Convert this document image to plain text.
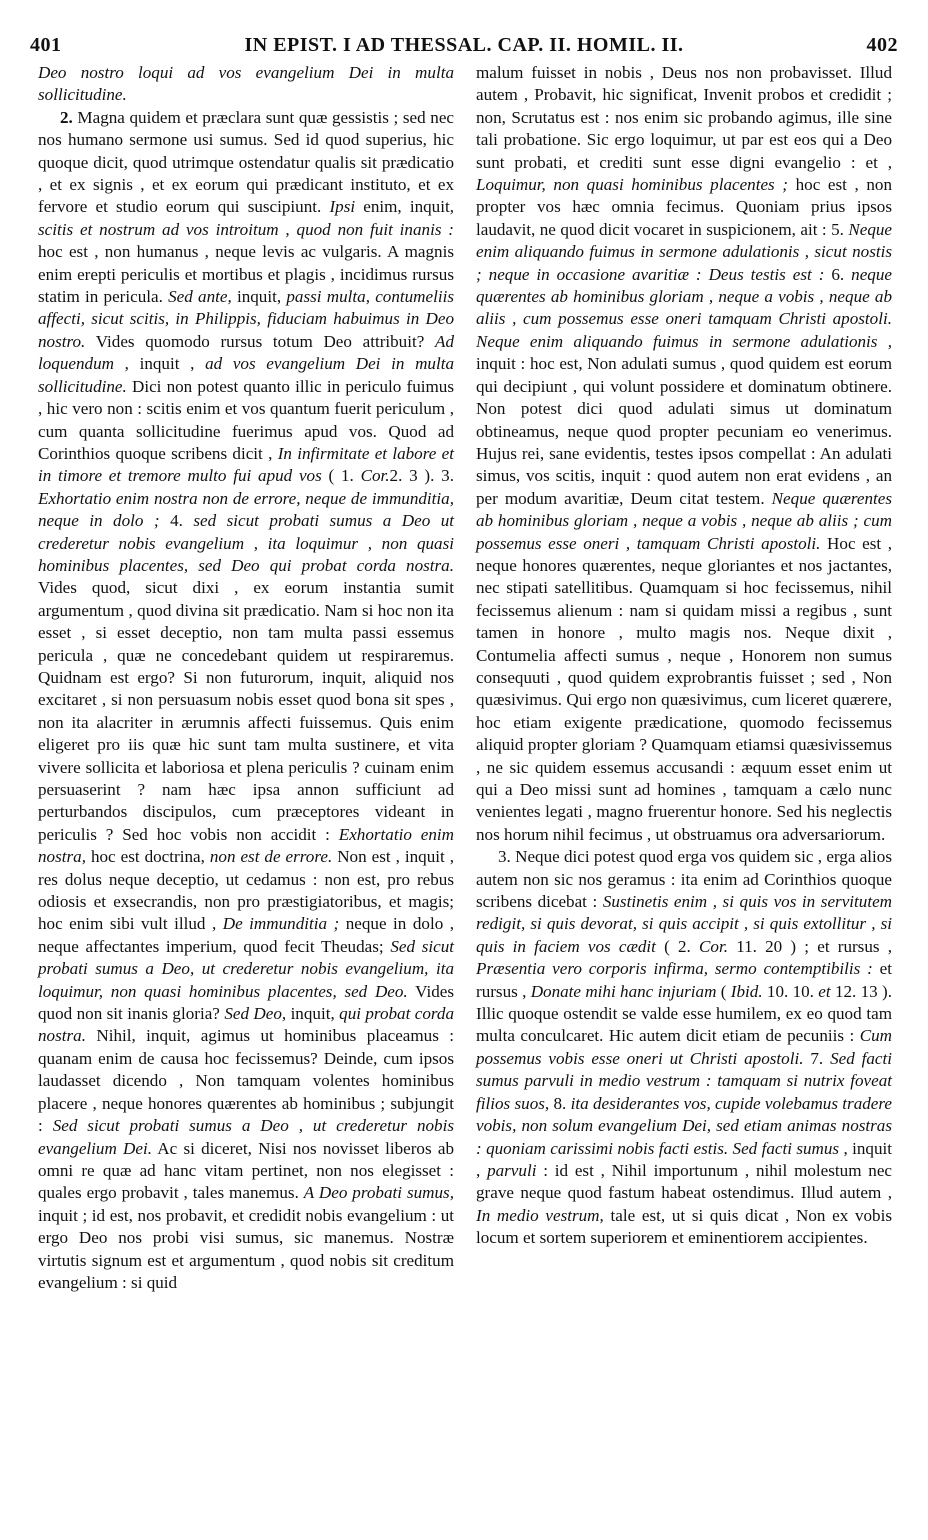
401	IN EPIST. I AD THESSAL. CAP. II. HOMIL. II.	402

Deo nostro loqui ad vos evangelium Dei in multa sollicitudine.

2. Magna quidem et præclara sunt quæ gessistis ; sed nec nos humano sermone usi sumus. Sed id quod superius, hic quoque dicit, quod utrimque ostendatur qualis sit prædicatio , et ex signis , et ex eorum qui prædicant instituto, et ex fervore et studio eorum qui suscipiunt. Ipsi enim, inquit, scitis et nostrum ad vos introitum , quod non fuit inanis : hoc est , non humanus , neque levis ac vulgaris. A magnis enim erepti periculis et mortibus et plagis , incidimus rursus statim in pericula. Sed ante, inquit, passi multa, contumeliis affecti, sicut scitis, in Philippis, fiduciam habuimus in Deo nostro. Vides quomodo rursus totum Deo attribuit? Ad loquendum , inquit , ad vos evangelium Dei in multa sollicitudine. Dici non potest quanto illic in periculo fuimus , hic vero non : scitis enim et vos quantum fuerit periculum , cum quanta sollicitudine fuerimus apud vos. Quod ad Corinthios quoque scribens dicit , In infirmitate et labore et in timore et tremore multo fui apud vos ( 1. Cor.2. 3 ). 3. Exhortatio enim nostra non de errore, neque de immunditia, neque in dolo ; 4. sed sicut probati sumus a Deo ut crederetur nobis evangelium , ita loquimur , non quasi hominibus placentes, sed Deo qui probat corda nostra. Vides quod, sicut dixi , ex eorum instantia sumit argumentum , quod divina sit prædicatio. Nam si hoc non ita esset , si esset deceptio, non tam multa passi essemus pericula , quæ ne concedebant quidem ut respiraremus. Quidnam est ergo? Si non futurorum, inquit, aliquid nos excitaret , si non persuasum nobis esset quod bona sit spes , non ita alacriter in ærumnis affecti fuissemus. Quis enim eligeret pro iis quæ hic sunt tam multa sustinere, et vita vivere sollicita et laboriosa et plena periculis ? cuinam enim persuaserint ? nam hæc ipsa annon sufficiunt ad perturbandos discipulos, cum præceptores videant in periculis ? Sed hoc vobis non accidit : Exhortatio enim nostra, hoc est doctrina, non est de errore. Non est , inquit , res dolus neque deceptio, ut cedamus : non est, pro rebus odiosis et exsecrandis, non pro præstigiatoribus, et magis; hoc enim sibi vult illud , De immunditia ; neque in dolo , neque affectantes imperium, quod fecit Theudas; Sed sicut probati sumus a Deo, ut crederetur nobis evangelium, ita loquimur, non quasi hominibus placentes, sed Deo. Vides quod non sit inanis gloria? Sed Deo, inquit, qui probat corda nostra. Nihil, inquit, agimus ut hominibus placeamus : quanam enim de causa hoc fecissemus? Deinde, cum ipsos laudasset dicendo , Non tamquam volentes hominibus placere , neque honores quærentes ab hominibus ; subjungit : Sed sicut probati sumus a Deo , ut crederetur nobis evangelium Dei. Ac si diceret, Nisi nos novisset liberos ab omni re quæ ad hanc vitam pertinet, non nos elegisset : quales ergo probavit , tales manemus. A Deo probati sumus, inquit ; id est, nos probavit, et credidit nobis evangelium : ut ergo Deo nos probi visi sumus, sic manemus. Nostræ virtutis signum est et argumentum , quod nobis sit creditum evangelium : si quid

malum fuisset in nobis , Deus nos non probavisset. Illud autem , Probavit, hic significat, Invenit probos et credidit ; non, Scrutatus est : nos enim sic probando agimus, ille sine tali probatione. Sic ergo loquimur, ut par est eos qui a Deo sunt probati, et crediti sunt esse digni evangelio : et , Loquimur, non quasi hominibus placentes ; hoc est , non propter vos hæc omnia fecimus. Quoniam prius ipsos laudavit, ne quod dicit vocaret in suspicionem, ait : 5. Neque enim aliquando fuimus in sermone adulationis , sicut nostis ; neque in occasione avaritiæ : Deus testis est : 6. neque quærentes ab hominibus gloriam , neque a vobis , neque ab aliis , cum possemus esse oneri tamquam Christi apostoli. Neque enim aliquando fuimus in sermone adulationis , inquit : hoc est, Non adulati sumus , quod quidem est eorum qui decipiunt , qui volunt possidere et dominatum obtinere. Non potest dici quod adulati simus ut dominatum obtineamus, neque quod propter pecuniam eo venerimus. Hujus rei, sane evidentis, testes ipsos compellat : An adulati simus, vos scitis, inquit : quod autem non erat evidens , an per modum avaritiæ, Deum citat testem. Neque quærentes ab hominibus gloriam , neque a vobis , neque ab aliis ; cum possemus esse oneri , tamquam Christi apostoli. Hoc est , neque honores quærentes, neque gloriantes et nos jactantes, nec stipati satellitibus. Quamquam si hoc fecissemus, nihil fecissemus alienum : nam si quidam missi a regibus , sunt tamen in honore , multo magis nos. Neque dixit , Contumelia affecti sumus , neque , Honorem non sumus consequuti , quod quidem exprobrantis fuisset ; sed , Non quæsivimus. Qui ergo non quæsivimus, cum liceret quærere, hoc etiam exigente prædicatione, quomodo fecissemus aliquid propter gloriam ? Quamquam etiamsi quæsivissemus , ne sic quidem essemus accusandi : æquum esset enim ut qui a Deo missi sunt ad homines , tamquam a cælo nunc venientes legati , magno fruerentur honore. Sed his neglectis nos horum nihil fecimus , ut obstruamus ora adversariorum.

3. Neque dici potest quod erga vos quidem sic , erga alios autem non sic nos geramus : ita enim ad Corinthios quoque scribens dicebat : Sustinetis enim , si quis vos in servitutem redigit, si quis devorat, si quis accipit , si quis extollitur , si quis in faciem vos cædit ( 2. Cor. 11. 20 ) ; et rursus , Præsentia vero corporis infirma, sermo contemptibilis : et rursus , Donate mihi hanc injuriam ( Ibid. 10. 10. et 12. 13 ). Illic quoque ostendit se valde esse humilem, ex eo quod tam multa conculcaret. Hic autem dicit etiam de pecuniis : Cum possemus vobis esse oneri ut Christi apostoli. 7. Sed facti sumus parvuli in medio vestrum : tamquam si nutrix foveat filios suos, 8. ita desiderantes vos, cupide volebamus tradere vobis, non solum evangelium Dei, sed etiam animas nostras : quoniam carissimi nobis facti estis. Sed facti sumus , inquit , parvuli : id est , Nihil importunum , nihil molestum nec grave neque quod fastum habeat ostendimus. Illud autem , In medio vestrum, tale est, ut si quis dicat , Non ex vobis locum et sortem superiorem et eminentiorem accipientes.
